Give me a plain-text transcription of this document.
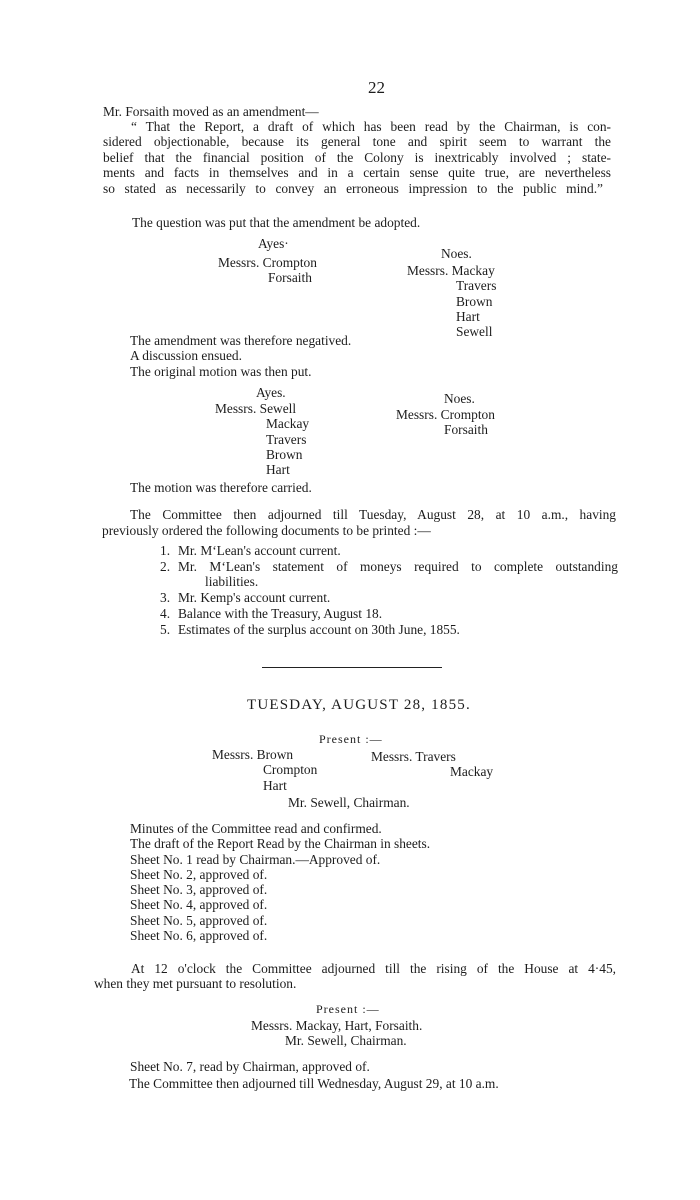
22
Mr. Forsaith moved as an amendment—
“ That the Report, a draft of which has been read by the Chairman, is con-
sidered objectionable, because its general tone and spirit seem to warrant the
belief that the financial position of the Colony is inextricably involved ; state-
ments and facts in themselves and in a certain sense quite true, are nevertheless
so stated as necessarily to convey an erroneous impression to the public mind.”
The question was put that the amendment be adopted.
Ayes·
Messrs. Crompton
Forsaith
Noes.
Messrs. Mackay
Travers
Brown
Hart
Sewell
The amendment was therefore negatived.
A discussion ensued.
The original motion was then put.
Ayes.
Messrs. Sewell
Mackay
Travers
Brown
Hart
Noes.
Messrs. Crompton
Forsaith
The motion was therefore carried.
The Committee then adjourned till Tuesday, August 28, at 10 a.m., having
previously ordered the following documents to be printed :—
1. Mr. M‘Lean's account current.
2. Mr. M‘Lean's statement of moneys required to complete outstanding
liabilities.
3. Mr. Kemp's account current.
4. Balance with the Treasury, August 18.
5. Estimates of the surplus account on 30th June, 1855.
TUESDAY, AUGUST 28, 1855.
Present :—
Messrs. Brown
Crompton
Hart
Messrs. Travers
Mackay
Mr. Sewell, Chairman.
Minutes of the Committee read and confirmed.
The draft of the Report Read by the Chairman in sheets.
Sheet No. 1 read by Chairman.—Approved of.
Sheet No. 2, approved of.
Sheet No. 3, approved of.
Sheet No. 4, approved of.
Sheet No. 5, approved of.
Sheet No. 6, approved of.
At 12 o'clock the Committee adjourned till the rising of the House at 4·45,
when they met pursuant to resolution.
Present :—
Messrs. Mackay, Hart, Forsaith.
Mr. Sewell, Chairman.
Sheet No. 7, read by Chairman, approved of.
The Committee then adjourned till Wednesday, August 29, at 10 a.m.
